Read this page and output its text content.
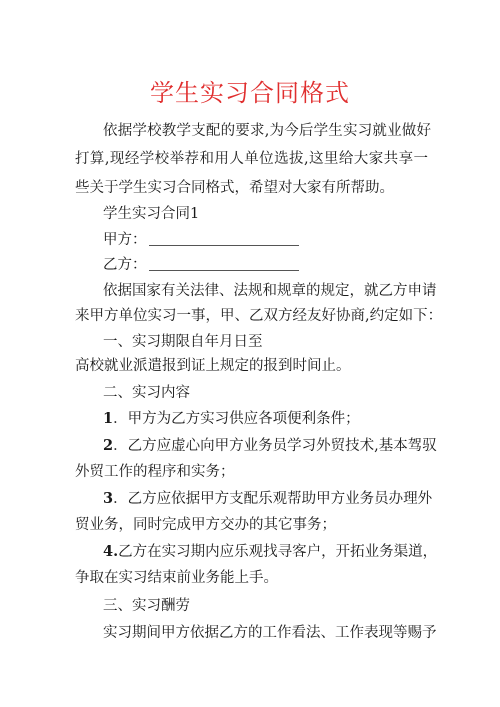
学生实习合同格式
依据学校教学支配的要求,为今后学生实习就业做好
打算,现经学校举荐和用人单位选拔,这里给大家共享一
些关于学生实习合同格式，希望对大家有所帮助。
学生实习合同1
甲方：
乙方：
依据国家有关法律、法规和规章的规定，就乙方申请
来甲方单位实习一事，甲、乙双方经友好协商,约定如下：
一、实习期限自年月日至
高校就业派遣报到证上规定的报到时间止。
二、实习内容
1．甲方为乙方实习供应各项便利条件；
2．乙方应虚心向甲方业务员学习外贸技术,基本驾驭
外贸工作的程序和实务；
3．乙方应依据甲方支配乐观帮助甲方业务员办理外
贸业务，同时完成甲方交办的其它事务；
4.乙方在实习期内应乐观找寻客户，开拓业务渠道，
争取在实习结束前业务能上手。
三、实习酬劳
实习期间甲方依据乙方的工作看法、工作表现等赐予
